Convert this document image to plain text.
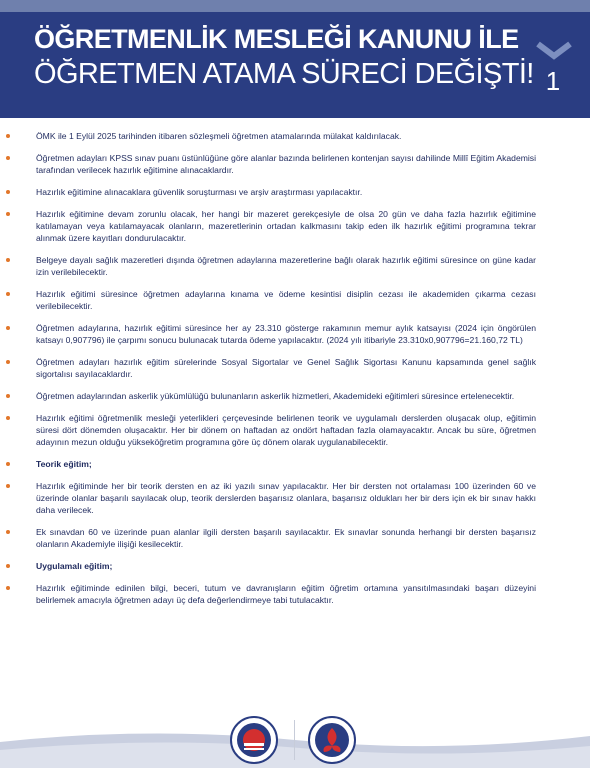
ÖĞRETMENLİK MESLEĞİ KANUNU İLE
ÖĞRETMEN ATAMA SÜRECİ DEĞİŞTİ! 1
ÖMK ile 1 Eylül 2025 tarihinden itibaren sözleşmeli öğretmen atamalarında mülakat kaldırılacak.
Öğretmen adayları KPSS sınav puanı üstünlüğüne göre alanlar bazında belirlenen kontenjan sayısı dahilinde Millî Eğitim Akademisi tarafından verilecek hazırlık eğitimine alınacaklardır.
Hazırlık eğitimine alınacaklara güvenlik soruşturması ve arşiv araştırması yapılacaktır.
Hazırlık eğitimine devam zorunlu olacak, her hangi bir mazeret gerekçesiyle de olsa 20 gün ve daha fazla hazırlık eğitimine katılamayan veya katılamayacak olanların, mazeretlerinin ortadan kalkmasını takip eden ilk hazırlık eğitimi programına tekrar alınmak üzere kayıtları dondurulacaktır.
Belgeye dayalı sağlık mazeretleri dışında öğretmen adaylarına mazeretlerine bağlı olarak hazırlık eğitimi süresince on güne kadar izin verilebilecektir.
Hazırlık eğitimi süresince öğretmen adaylarına kınama ve ödeme kesintisi disiplin cezası ile akademiden çıkarma cezası verilebilecektir.
Öğretmen adaylarına, hazırlık eğitimi süresince her ay 23.310 gösterge rakamının memur aylık katsayısı (2024 için öngörülen katsayı 0,907796) ile çarpımı sonucu bulunacak tutarda ödeme yapılacaktır. (2024 yılı itibariyle 23.310x0,907796=21.160,72 TL)
Öğretmen adayları hazırlık eğitim sürelerinde Sosyal Sigortalar ve Genel Sağlık Sigortası Kanunu kapsamında genel sağlık sigortalısı sayılacaklardır.
Öğretmen adaylarından askerlik yükümlülüğü bulunanların askerlik hizmetleri, Akademideki eğitimleri süresince ertelenecektir.
Hazırlık eğitimi öğretmenlik mesleği yeterlikleri çerçevesinde belirlenen teorik ve uygulamalı derslerden oluşacak olup, eğitimin süresi dört dönemden oluşacaktır. Her bir dönem on haftadan az ondört haftadan fazla olamayacaktır. Ancak bu süre, öğretmen adayının mezun olduğu yükseköğretim programına göre üç dönem olarak uygulanabilecektir.
Teorik eğitim;
Hazırlık eğitiminde her bir teorik dersten en az iki yazılı sınav yapılacaktır. Her bir dersten not ortalaması 100 üzerinden 60 ve üzerinde olanlar başarılı sayılacak olup, teorik derslerden başarısız olanlara, başarısız oldukları her bir ders için ek bir sınav hakkı daha verilecek.
Ek sınavdan 60 ve üzerinde puan alanlar ilgili dersten başarılı sayılacaktır. Ek sınavlar sonunda herhangi bir dersten başarısız olanların Akademiyle ilişiği kesilecektir.
Uygulamalı eğitim;
Hazırlık eğitiminde edinilen bilgi, beceri, tutum ve davranışların eğitim öğretim ortamına yansıtılmasındaki başarı düzeyini belirlemek amacıyla öğretmen adayı üç defa değerlendirmeye tabi tutulacaktır.
